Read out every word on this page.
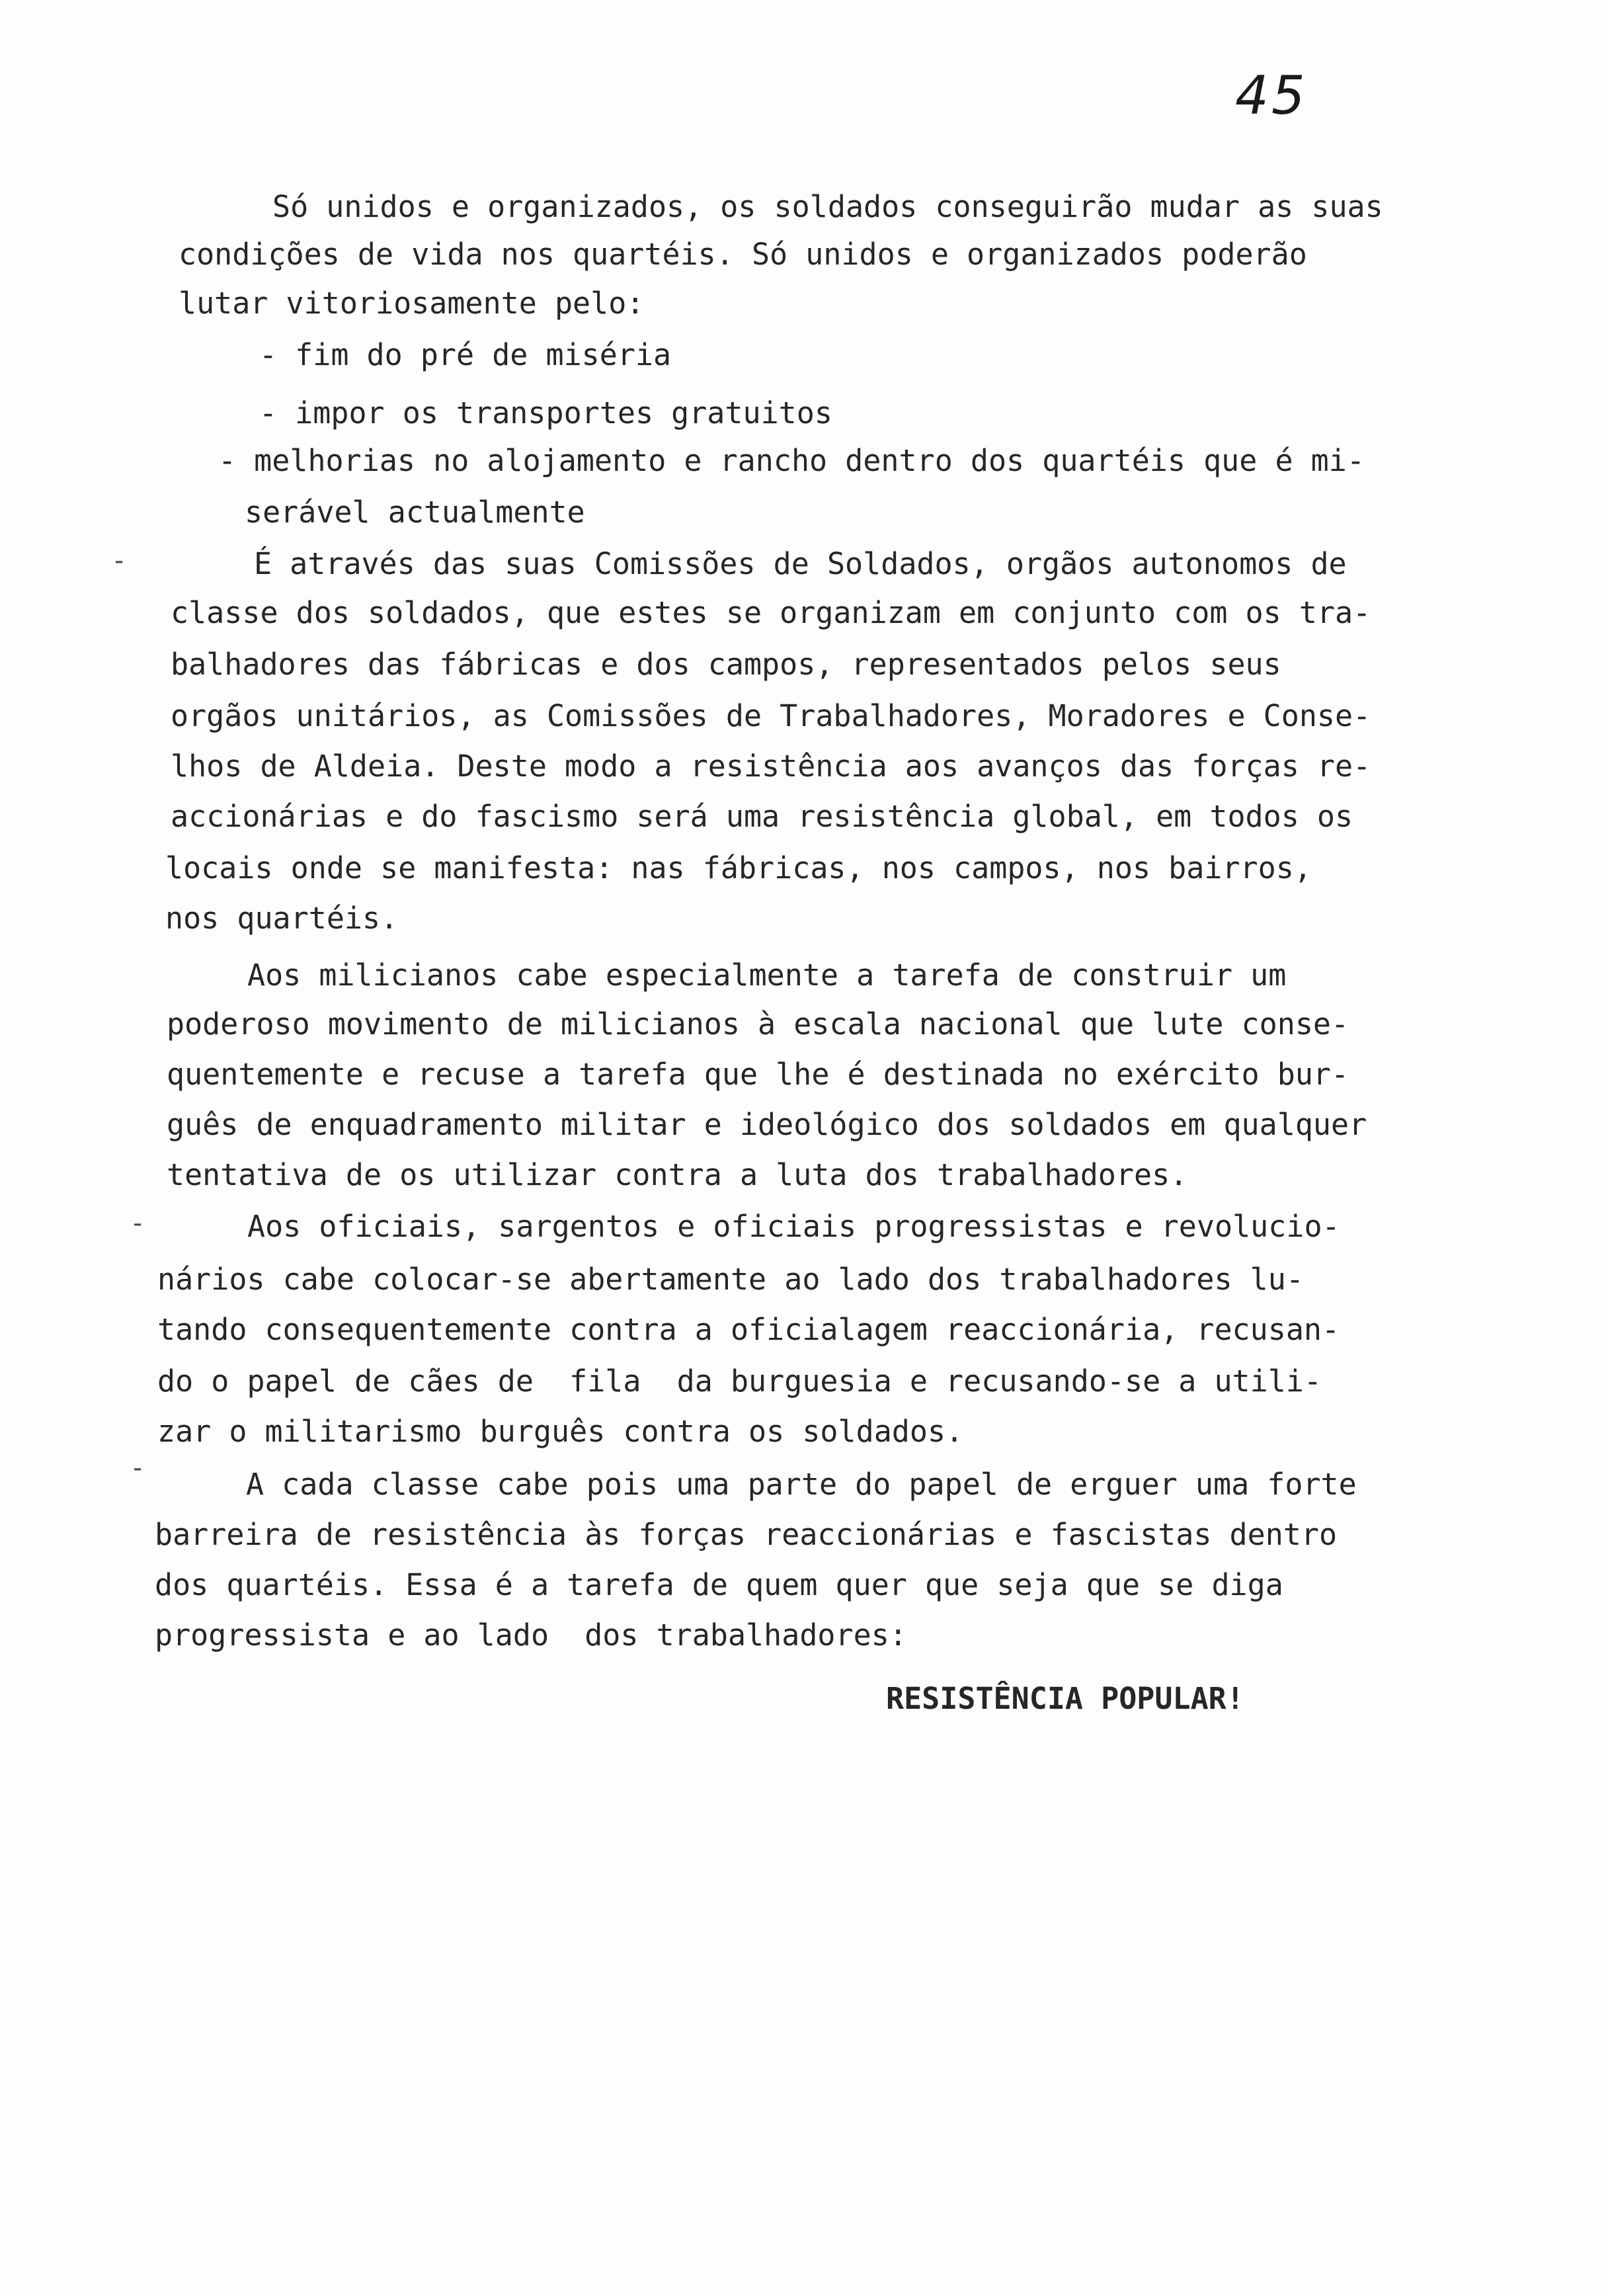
45
Só unidos e organizados, os soldados conseguirão mudar as suas
condições de vida nos quartéis. Só unidos e organizados poderão
lutar vitoriosamente pelo:
- fim do pré de miséria
- impor os transportes gratuitos
- melhorias no alojamento e rancho dentro dos quartéis que é mi-
serável actualmente
-	É através das suas Comissões de Soldados, orgãos autonomos de
classe dos soldados, que estes se organizam em conjunto com os tra-
balhadores das fábricas e dos campos, representados pelos seus
orgãos unitários, as Comissões de Trabalhadores, Moradores e Conse-
lhos de Aldeia. Deste modo a resistência aos avanços das forças re-
accionárias e do fascismo será uma resistência global, em todos os
locais onde se manifesta: nas fábricas, nos campos, nos bairros,
nos quartéis.
Aos milicianos cabe especialmente a tarefa de construir um
poderoso movimento de milicianos à escala nacional que lute conse-
quentemente e recuse a tarefa que lhe é destinada no exército bur-
guês de enquadramento militar e ideológico dos soldados em qualquer
tentativa de os utilizar contra a luta dos trabalhadores.
-	Aos oficiais, sargentos e oficiais progressistas e revolucio-
nários cabe colocar-se abertamente ao lado dos trabalhadores lu-
tando consequentemente contra a oficialagem reaccionária, recusan-
do o papel de cães de  fila  da burguesia e recusando-se a utili-
zar o militarismo burguês contra os soldados.
-	A cada classe cabe pois uma parte do papel de erguer uma forte
barreira de resistência às forças reaccionárias e fascistas dentro
dos quartéis. Essa é a tarefa de quem quer que seja que se diga
progressista e ao lado  dos trabalhadores:
RESISTÊNCIA POPULAR!
